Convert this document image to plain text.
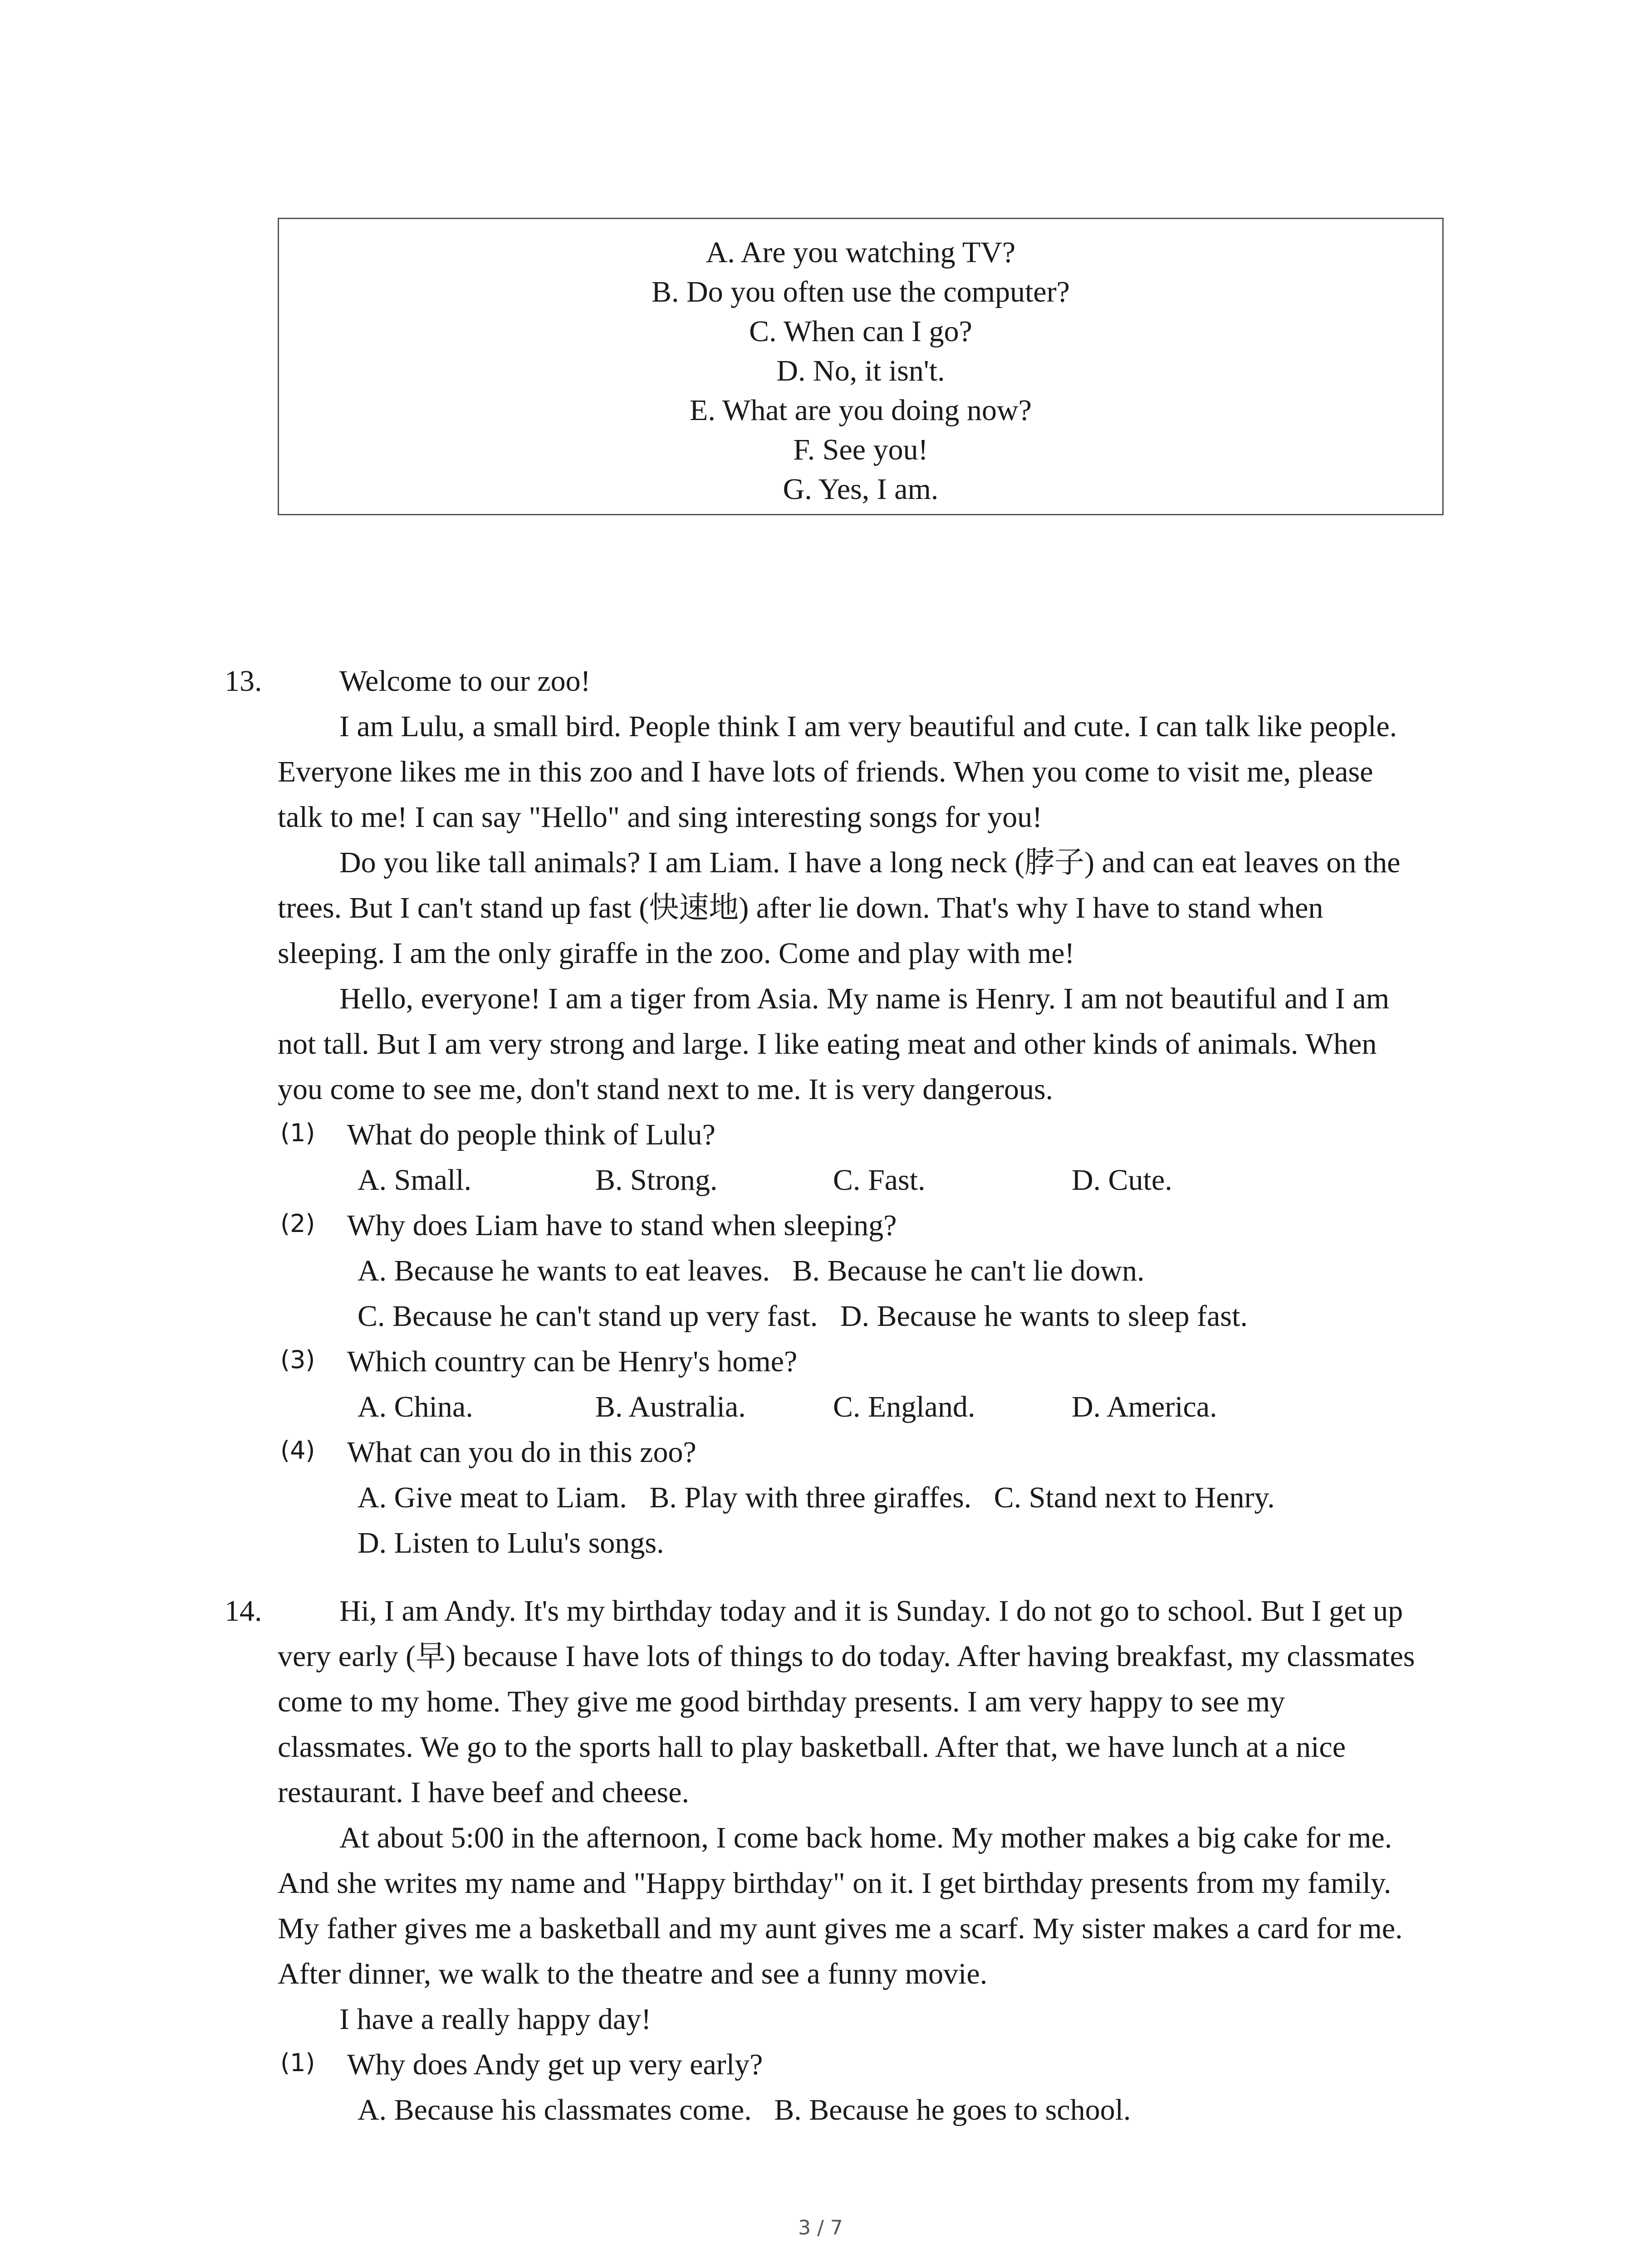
A. Are you watching TV?
B. Do you often use the computer?
C. When can I go?
D. No, it isn't.
E. What are you doing now?
F. See you!
G. Yes, I am.
13.	Welcome to our zoo!
I am Lulu, a small bird. People think I am very beautiful and cute. I can talk like people.
Everyone likes me in this zoo and I have lots of friends. When you come to visit me, please
talk to me! I can say "Hello" and sing interesting songs for you!
Do you like tall animals? I am Liam. I have a long neck (脖子) and can eat leaves on the
trees. But I can't stand up fast (快速地) after lie down. That's why I have to stand when
sleeping. I am the only giraffe in the zoo. Come and play with me!
Hello, everyone! I am a tiger from Asia. My name is Henry. I am not beautiful and I am
not tall. But I am very strong and large. I like eating meat and other kinds of animals. When
you come to see me, don't stand next to me. It is very dangerous.
(1) What do people think of Lulu?
A. Small.	B. Strong.	C. Fast.	D. Cute.
(2) Why does Liam have to stand when sleeping?
A. Because he wants to eat leaves.   B. Because he can't lie down.
C. Because he can't stand up very fast.   D. Because he wants to sleep fast.
(3) Which country can be Henry's home?
A. China.	B. Australia.	C. England.	D. America.
(4) What can you do in this zoo?
A. Give meat to Liam.   B. Play with three giraffes.   C. Stand next to Henry.
D. Listen to Lulu's songs.
14.	Hi, I am Andy. It's my birthday today and it is Sunday. I do not go to school. But I get up
very early (早) because I have lots of things to do today. After having breakfast, my classmates
come to my home. They give me good birthday presents. I am very happy to see my
classmates. We go to the sports hall to play basketball. After that, we have lunch at a nice
restaurant. I have beef and cheese.
At about 5:00 in the afternoon, I come back home. My mother makes a big cake for me.
And she writes my name and "Happy birthday" on it. I get birthday presents from my family.
My father gives me a basketball and my aunt gives me a scarf. My sister makes a card for me.
After dinner, we walk to the theatre and see a funny movie.
I have a really happy day!
(1) Why does Andy get up very early?
A. Because his classmates come.   B. Because he goes to school.
3 / 7
